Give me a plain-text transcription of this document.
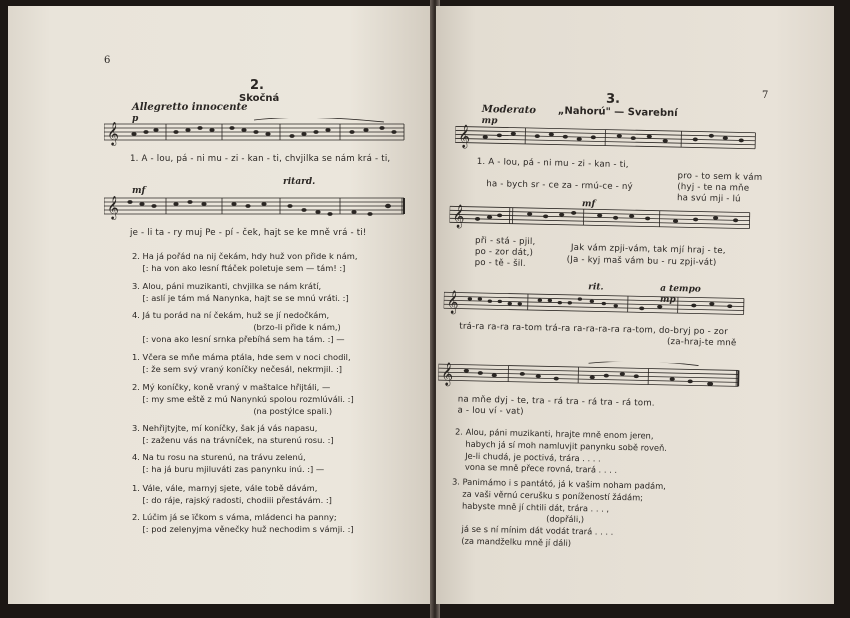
6
2.
Skočná
Allegretto innocente
p
𝄞
1. A - lou, pá - ni mu - zi - kan - ti, chvjilka se nám krá - ti,
mf
ritard.
𝄞
je - li ta - ry muj Pe - pí - ček, hajt se ke mně vrá - ti!
2. Ha já pořád na nij čekám, hdy huž von přide k nám,
[: ha von ako lesní ftáček poletuje sem — tám! :]
3. Alou, páni muzikanti, chvjilka se nám krátí,
[: aslí je tám má Nanynka, hajt se se mnú vráti. :]
4. Já tu porád na ní čekám, huž se jí nedočkám,
(brzo-li přide k nám,)
[: vona ako lesní srnka přebíhá sem ha tám. :] —
1. Včera se mňe máma ptála, hde sem v noci chodil,
[: že sem svý vraný koníčky nečesál, nekrmjil. :]
2. Mý koníčky, koně vraný v maštalce hřijtáli, —
[: my sme eště z mú Nanynkú spolou rozmlúváli. :]
(na postýlce spali.)
3. Nehřijtyjte, mí koníčky, šak já vás napasu,
[: zaženu vás na trávníček, na sturenú rosu. :]
4. Na tu rosu na sturenú, na trávu zelenú,
[: ha já buru mjiluváti zas panynku inú. :] —
1. Vále, vále, marnyj sjete, vále tobě dávám,
[: do ráje, rajský radosti, chodiii přestávám. :]
2. Lúčim já se ïčkom s váma, mládenci ha panny;
[: pod zelenyjma věnečky huž nechodim s vámji. :]
7
3.
„Nahorú" — Svarební
Moderato
mp
𝄞
1. A - lou, pá - ni mu - zi - kan - ti,
pro - to sem k vám
ha - bych sr - ce za - rmú-ce - ný	(hyj - te na mňe
ha svú mji - lú
mf
𝄞
při - stá - pjil,
po - zor dát,)
po - tě - šil.
Jak vám zpji-vám, tak mjí hraj - te,
(Ja - kyj maš vám bu - ru zpji-vát)
rit.	a tempo
mp
𝄞
trá-ra ra-ra ra-tom trá-ra ra-ra-ra-ra ra-tom, do-bryj po - zor
(za-hraj-te mně
𝄞
na mňe dyj - te, tra - rá tra - rá tra - rá tom.
a - lou ví - vat)
2. Alou, páni muzikanti, hrajte mně enom jeren,
habych já sí moh namluvjit panynku sobě roveň.
Je-li chudá, je poctivá, trára . . . .
vona se mně přece rovná, trará . . . .
3. Panimámo i s pantátó, já k vašim noham padám,
za vaši věrnú cerušku s ponížeností žádám;
habyste mně jí chtili dát, trára . . . ,
(dopřáli,)
já se s ní mínim dát vodát trará . . . .
(za mandželku mně jí dáli)
